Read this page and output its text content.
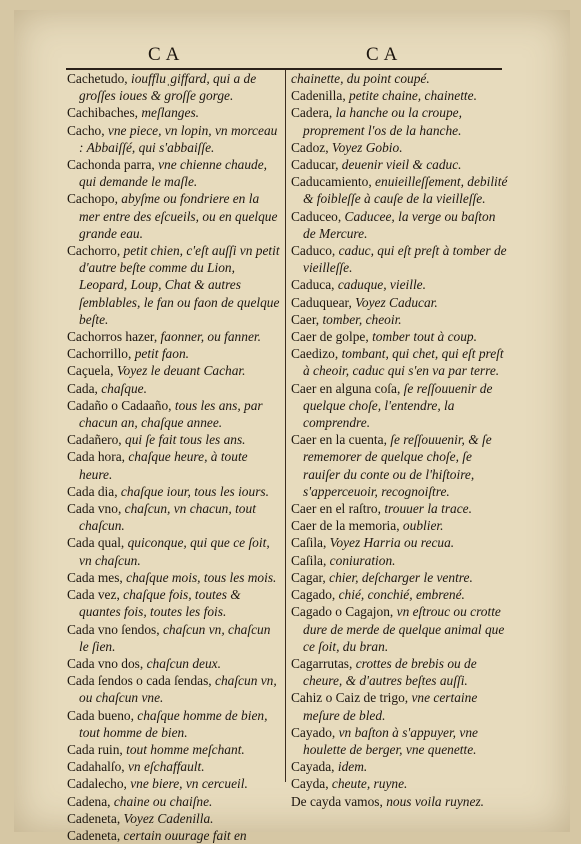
CA	CA
Cachetudo, iouffluˌgiffard, qui a de groſſes ioues & groſſe gorge.
Cachibaches, meſlanges.
Cacho, vne piece, vn lopin, vn morceau : Abbaiſſé, qui s'abbaiſſe.
Cachonda parra, vne chienne chaude, qui demande le maſle.
Cachopo, abyſme ou fondriere en la mer entre des eſcueils, ou en quelque grande eau.
Cachorro, petit chien, c'eſt auſſi vn petit d'autre beſte comme du Lion, Leopard, Loup, Chat & autres ſemblables, le fan ou faon de quelque beſte.
Cachorros hazer, faonner, ou fanner.
Cachorrillo, petit faon.
Caçuela, Voyez le deuant Cachar.
Cada, chaſque.
Cadaño o Cadaaño, tous les ans, par chacun an, chaſque annee.
Cadañero, qui ſe fait tous les ans.
Cada hora, chaſque heure, à toute heure.
Cada dia, chaſque iour, tous les iours.
Cada vno, chaſcun, vn chacun, tout chaſcun.
Cada qual, quiconque, qui que ce ſoit, vn chaſcun.
Cada mes, chaſque mois, tous les mois.
Cada vez, chaſque fois, toutes & quantes fois, toutes les fois.
Cada vno ſendos, chaſcun vn, chaſcun le ſien.
Cada vno dos, chaſcun deux.
Cada ſendos o cada ſendas, chaſcun vn, ou chaſcun vne.
Cada bueno, chaſque homme de bien, tout homme de bien.
Cada ruin, tout homme meſchant.
Cadahalſo, vn eſchaffault.
Cadalecho, vne biere, vn cercueil.
Cadena, chaine ou chaiſne.
Cadeneta, Voyez Cadenilla.
Cadeneta, certain ouurage fait en
chainette, du point coupé.
Cadenilla, petite chaine, chainette.
Cadera, la hanche ou la croupe, proprement l'os de la hanche.
Cadoz, Voyez Gobio.
Caducar, deuenir vieil & caduc.
Caducamiento, enuieilleſſement, debilité & foibleſſe à cauſe de la vieilleſſe.
Caduceo, Caducee, la verge ou baſton de Mercure.
Caduco, caduc, qui eſt preſt à tomber de vieilleſſe.
Caduca, caduque, vieille.
Caduquear, Voyez Caducar.
Caer, tomber, cheoir.
Caer de golpe, tomber tout à coup.
Caedizo, tombant, qui chet, qui eſt preſt à cheoir, caduc qui s'en va par terre.
Caer en alguna coſa, ſe reſſouuenir de quelque choſe, l'entendre, la comprendre.
Caer en la cuenta, ſe reſſouuenir, & ſe rememorer de quelque choſe, ſe rauiſer du conte ou de l'hiſtoire, s'apperceuoir, recognoiſtre.
Caer en el raſtro, trouuer la trace.
Caer de la memoria, oublier.
Caſila, Voyez Harria ou recua.
Caſila, coniuration.
Cagar, chier, deſcharger le ventre.
Cagado, chié, conchié, embrené.
Cagado o Cagajon, vn eſtrouc ou crotte dure de merde de quelque animal que ce ſoit, du bran.
Cagarrutas, crottes de brebis ou de cheure, & d'autres beſtes auſſi.
Cahiz o Caiz de trigo, vne certaine meſure de bled.
Cayado, vn baſton à s'appuyer, vne houlette de berger, vne quenette.
Cayada, idem.
Cayda, cheute, ruyne.
De cayda vamos, nous voila ruynez.
